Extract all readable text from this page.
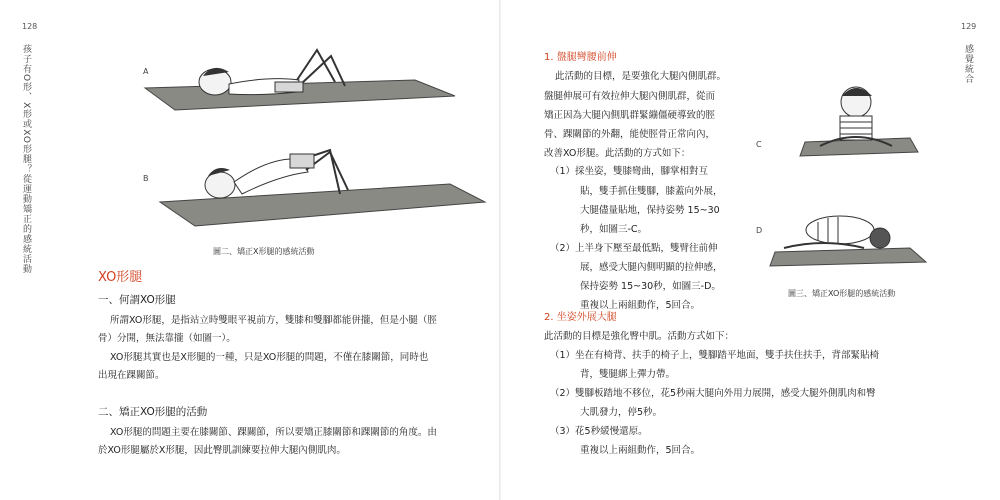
128
孩子有O形、X形或XO形腿？從運動矯正的感統活動	A
B
圖二、矯正X形腿的感統活動
XO形腿
一、何謂XO形腿
所謂XO形腿，是指站立時雙眼平視前方，雙膝和雙腳都能併攏，但是小腿（脛
骨）分開，無法靠攏（如圖一）。
XO形腿其實也是X形腿的一種，只是XO形腿的問題，不僅在膝關節，同時也
出現在踝關節。
二、矯正XO形腿的活動
XO形腿的問題主要在膝關節、踝關節，所以要矯正膝關節和踝關節的角度。由
於XO形腿屬於X形腿，因此臀肌訓練要拉伸大腿內側肌肉。
129
感覺統合
1. 盤腿彎腰前伸
此活動的目標，是要強化大腿內側肌群。
盤腿伸展可有效拉伸大腿內側肌群，從而
矯正因為大腿內側肌群緊繃僵硬導致的脛
骨、踝關節的外翻，能使脛骨正常向內，
改善XO形腿。此活動的方式如下：
（1）採坐姿，雙膝彎曲，腳掌相對互
貼，雙手抓住雙腳，膝蓋向外展，
大腿儘量貼地，保持姿勢 15~30
秒，如圖三-C。
（2）上半身下壓至最低點，雙臂往前伸
展，感受大腿內側明顯的拉伸感，
保持姿勢 15~30秒，如圖三-D。
重複以上兩組動作，5回合。
C
D
圖三、矯正XO形腿的感統活動
2. 坐姿外展大腿
此活動的目標是強化臀中肌。活動方式如下：
（1）坐在有椅背、扶手的椅子上，雙腳踏平地面，雙手扶住扶手，背部緊貼椅
背，雙腿綁上彈力帶。
（2）雙腳板踏地不移位，花5秒兩大腿向外用力展開，感受大腿外側肌肉和臀
大肌發力，停5秒。
（3）花5秒緩慢還原。
重複以上兩組動作，5回合。
